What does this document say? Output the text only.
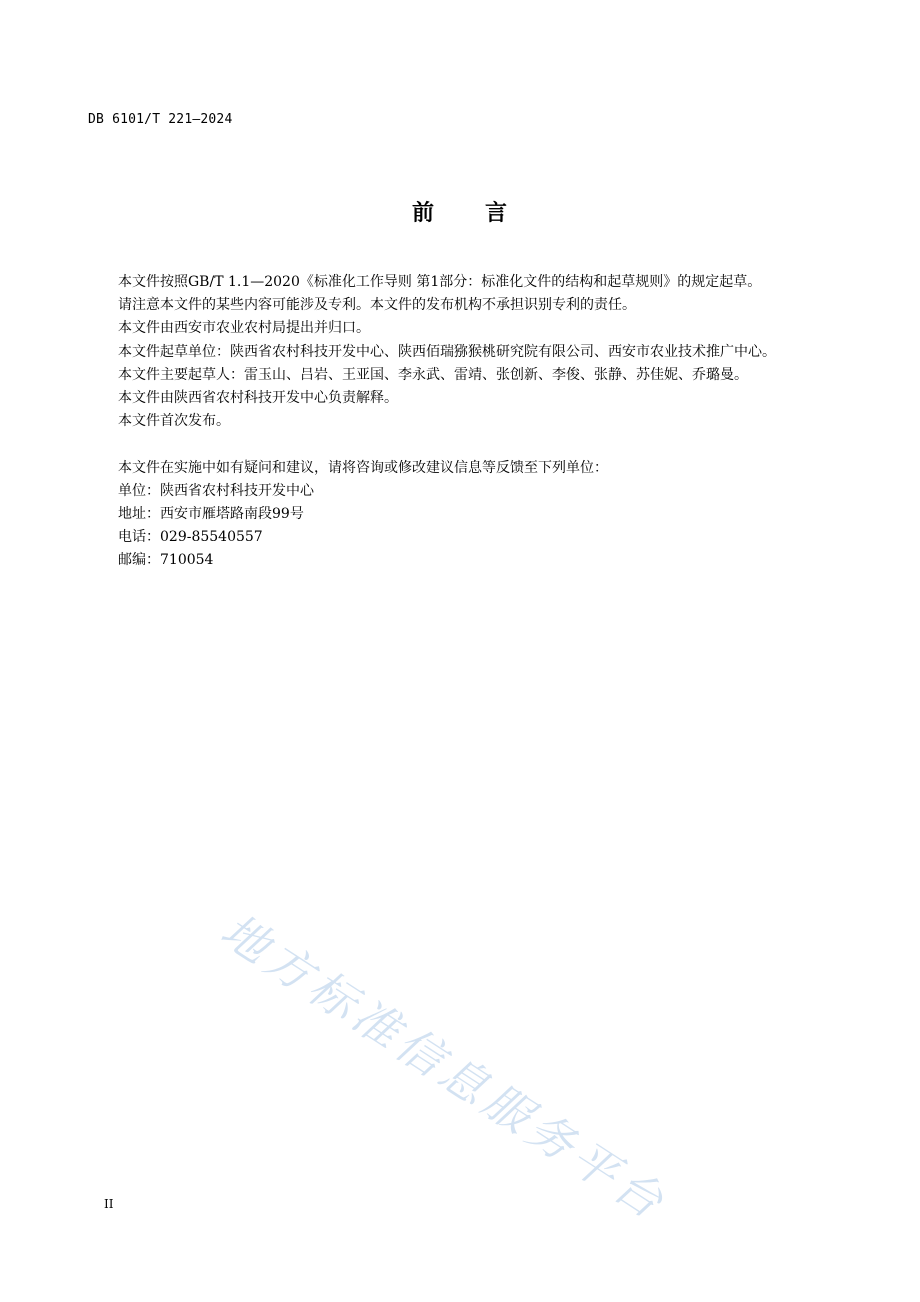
DB 6101/T 221—2024
前 言

本文件按照GB/T 1.1—2020《标准化工作导则 第1部分：标准化文件的结构和起草规则》的规定起草。

请注意本文件的某些内容可能涉及专利。本文件的发布机构不承担识别专利的责任。

本文件由西安市农业农村局提出并归口。

本文件起草单位：陕西省农村科技开发中心、陕西佰瑞猕猴桃研究院有限公司、西安市农业技术推广中心。

本文件主要起草人：雷玉山、吕岩、王亚国、李永武、雷靖、张创新、李俊、张静、苏佳妮、乔璐曼。

本文件由陕西省农村科技开发中心负责解释。

本文件首次发布。

本文件在实施中如有疑问和建议，请将咨询或修改建议信息等反馈至下列单位：

单位：陕西省农村科技开发中心

地址：西安市雁塔路南段99号

电话：029-85540557

邮编：710054

地方标准信息服务平台
II
